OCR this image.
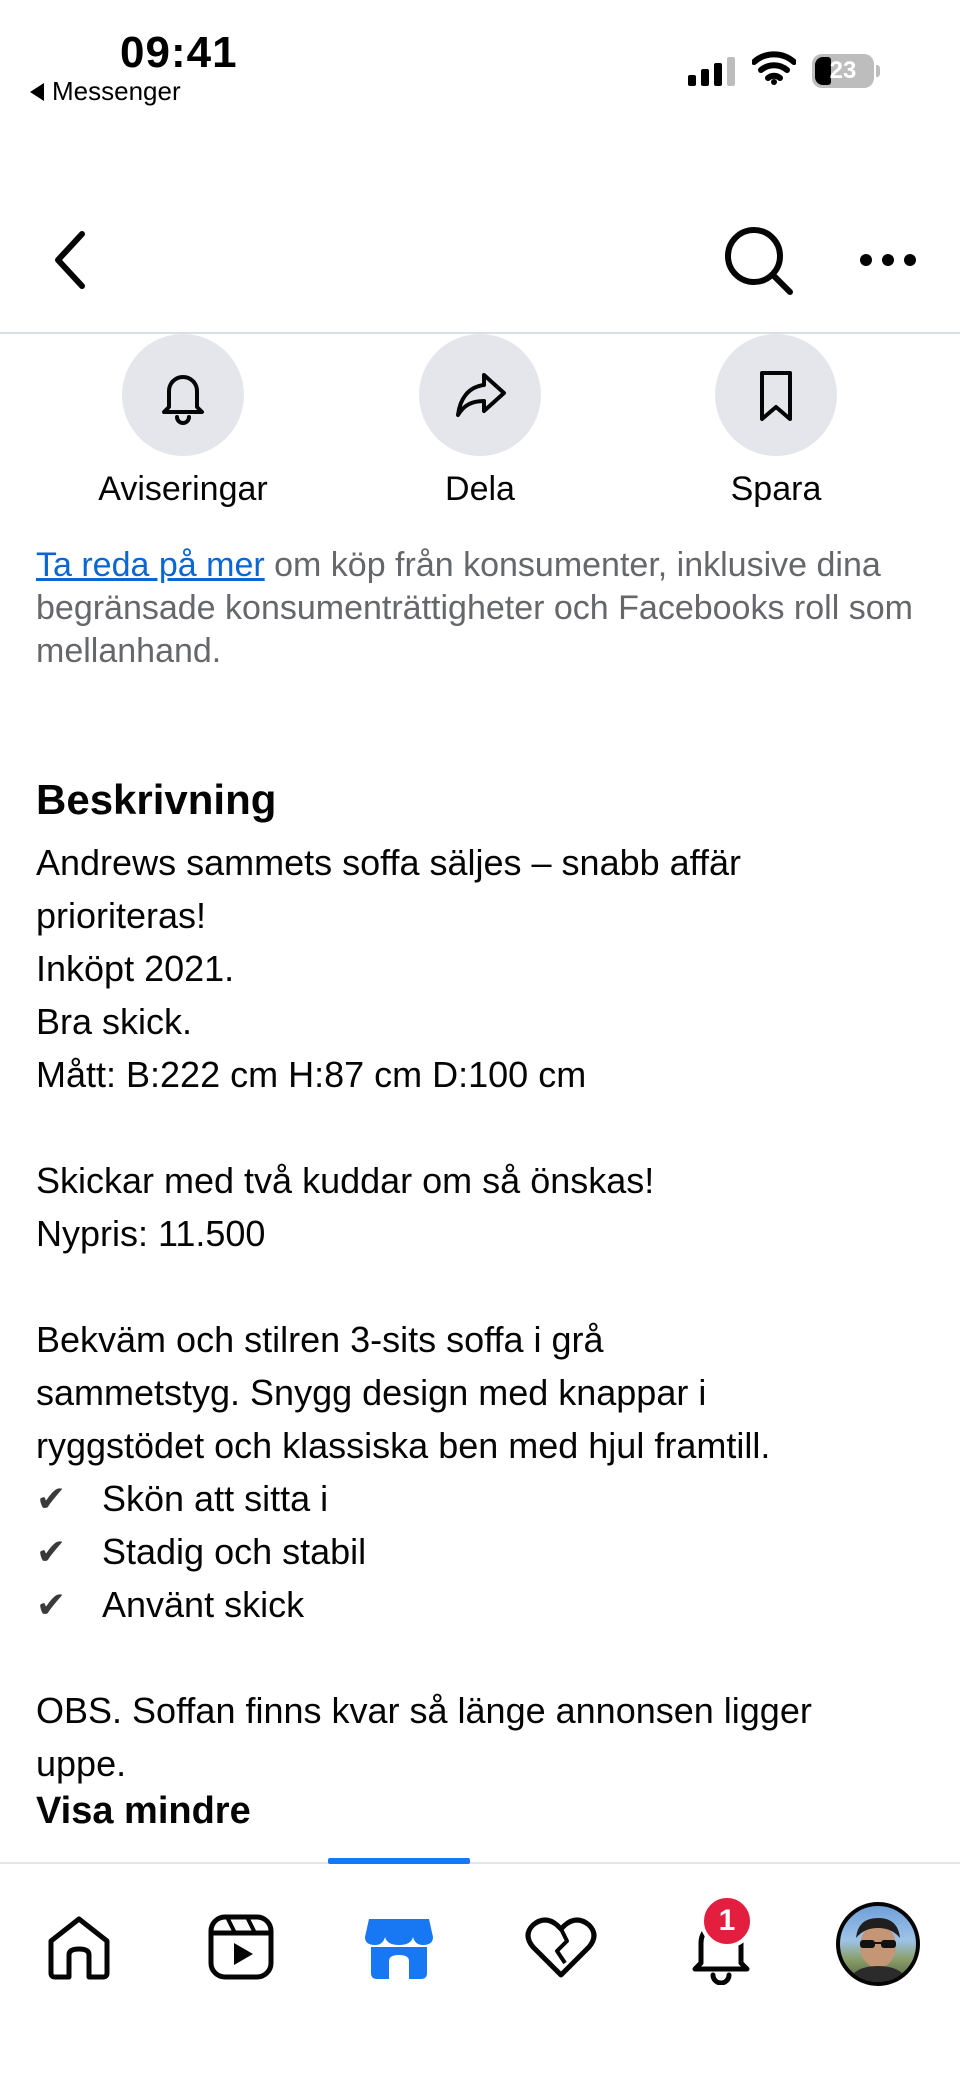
09:41
Messenger
23
Aviseringar	Dela	Spara
Ta reda på mer om köp från konsumenter, inklusive dina begränsade konsumenträttigheter och Facebooks roll som mellanhand.
Beskrivning
Andrews sammets soffa säljes – snabb affär
prioriteras!
Inköpt 2021.
Bra skick.
Mått: B:222 cm H:87 cm D:100 cm
Skickar med två kuddar om så önskas!
Nypris: 11.500
Bekväm och stilren 3-sits soffa i grå
sammetstyg. Snygg design med knappar i
ryggstödet och klassiska ben med hjul framtill.
✔ Skön att sitta i
✔ Stadig och stabil
✔ Använt skick
OBS. Soffan finns kvar så länge annonsen ligger
uppe.
Visa mindre
1
